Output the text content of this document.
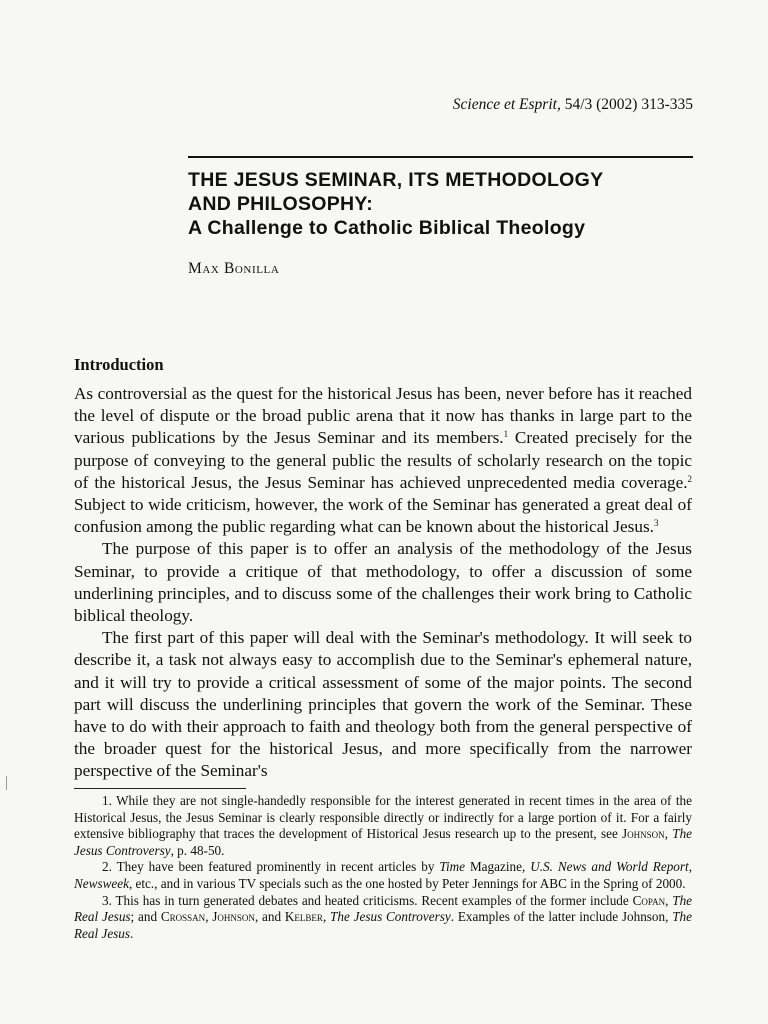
Science et Esprit, 54/3 (2002) 313-335
THE JESUS SEMINAR, ITS METHODOLOGY
AND PHILOSOPHY:
A Challenge to Catholic Biblical Theology
Max Bonilla
Introduction

As controversial as the quest for the historical Jesus has been, never before has it reached the level of dispute or the broad public arena that it now has thanks in large part to the various publications by the Jesus Seminar and its members.$^1$ Created precisely for the purpose of conveying to the general public the results of scholarly research on the topic of the historical Jesus, the Jesus Seminar has achieved unprecedented media coverage.$^2$ Subject to wide criticism, however, the work of the Seminar has generated a great deal of confusion among the public regarding what can be known about the historical Jesus.$^3$

The purpose of this paper is to offer an analysis of the methodology of the Jesus Seminar, to provide a critique of that methodology, to offer a discussion of some underlining principles, and to discuss some of the challenges their work bring to Catholic biblical theology.

The first part of this paper will deal with the Seminar's methodology. It will seek to describe it, a task not always easy to accomplish due to the Seminar's ephemeral nature, and it will try to provide a critical assessment of some of the major points. The second part will discuss the underlining principles that govern the work of the Seminar. These have to do with their approach to faith and theology both from the general perspective of the broader quest for the historical Jesus, and more specifically from the narrower perspective of the Seminar's

1. While they are not single-handedly responsible for the interest generated in recent times in the area of the Historical Jesus, the Jesus Seminar is clearly responsible directly or indirectly for a large portion of it. For a fairly extensive bibliography that traces the development of Historical Jesus research up to the present, see Johnson, The Jesus Controversy, p. 48-50.

2. They have been featured prominently in recent articles by Time Magazine, U.S. News and World Report, Newsweek, etc., and in various TV specials such as the one hosted by Peter Jennings for ABC in the Spring of 2000.

3. This has in turn generated debates and heated criticisms. Recent examples of the former include Copan, The Real Jesus; and Crossan, Johnson, and Kelber, The Jesus Controversy. Examples of the latter include Johnson, The Real Jesus.
